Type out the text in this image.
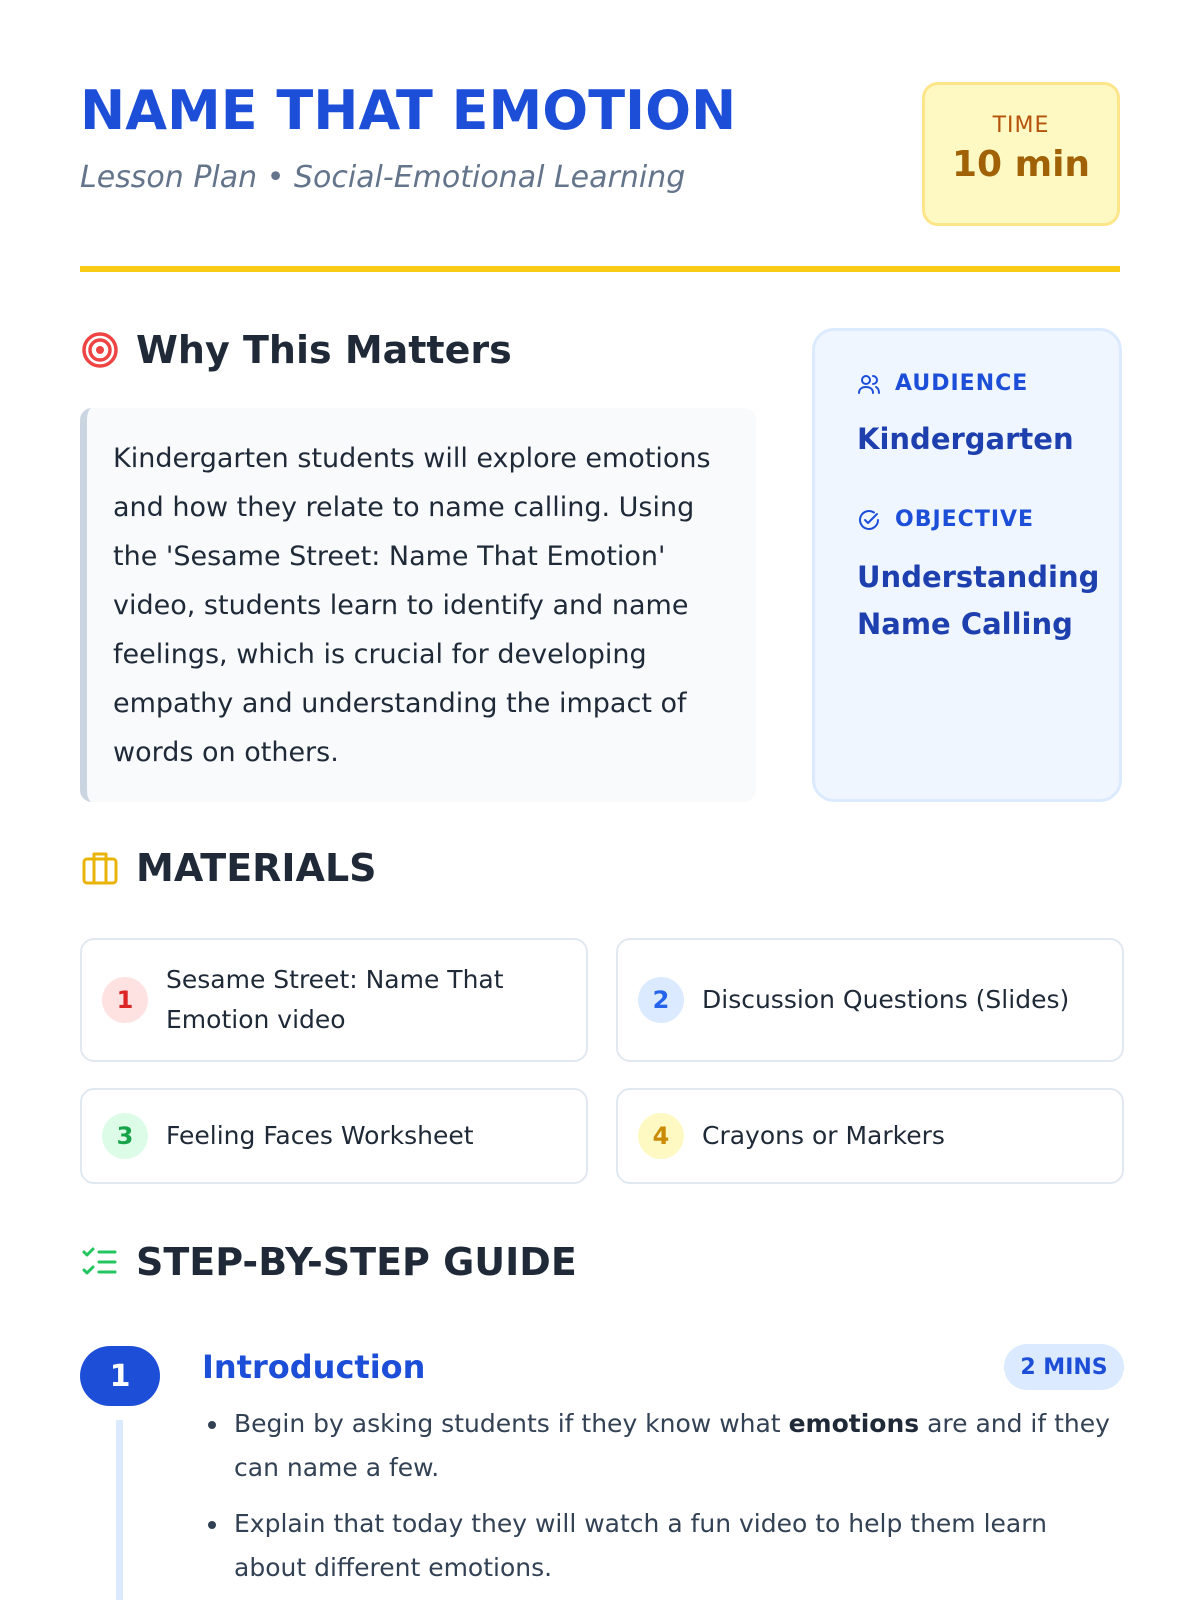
NAME THAT EMOTION
Lesson Plan • Social-Emotional Learning
TIME
10 min
Why This Matters

Kindergarten students will explore emotions and how they relate to name calling. Using the 'Sesame Street: Name That Emotion' video, students learn to identify and name feelings, which is crucial for developing empathy and understanding the impact of words on others.

AUDIENCE
Kindergarten
OBJECTIVE
Understanding Name Calling
MATERIALS
1
Sesame Street: Name That Emotion video
2	Discussion Questions (Slides)
3	Feeling Faces Worksheet	4	Crayons or Markers
STEP-BY-STEP GUIDE
1	Introduction	2 MINS
Begin by asking students if they know what emotions are and if they can name a few.
Explain that today they will watch a fun video to help them learn about different emotions.
